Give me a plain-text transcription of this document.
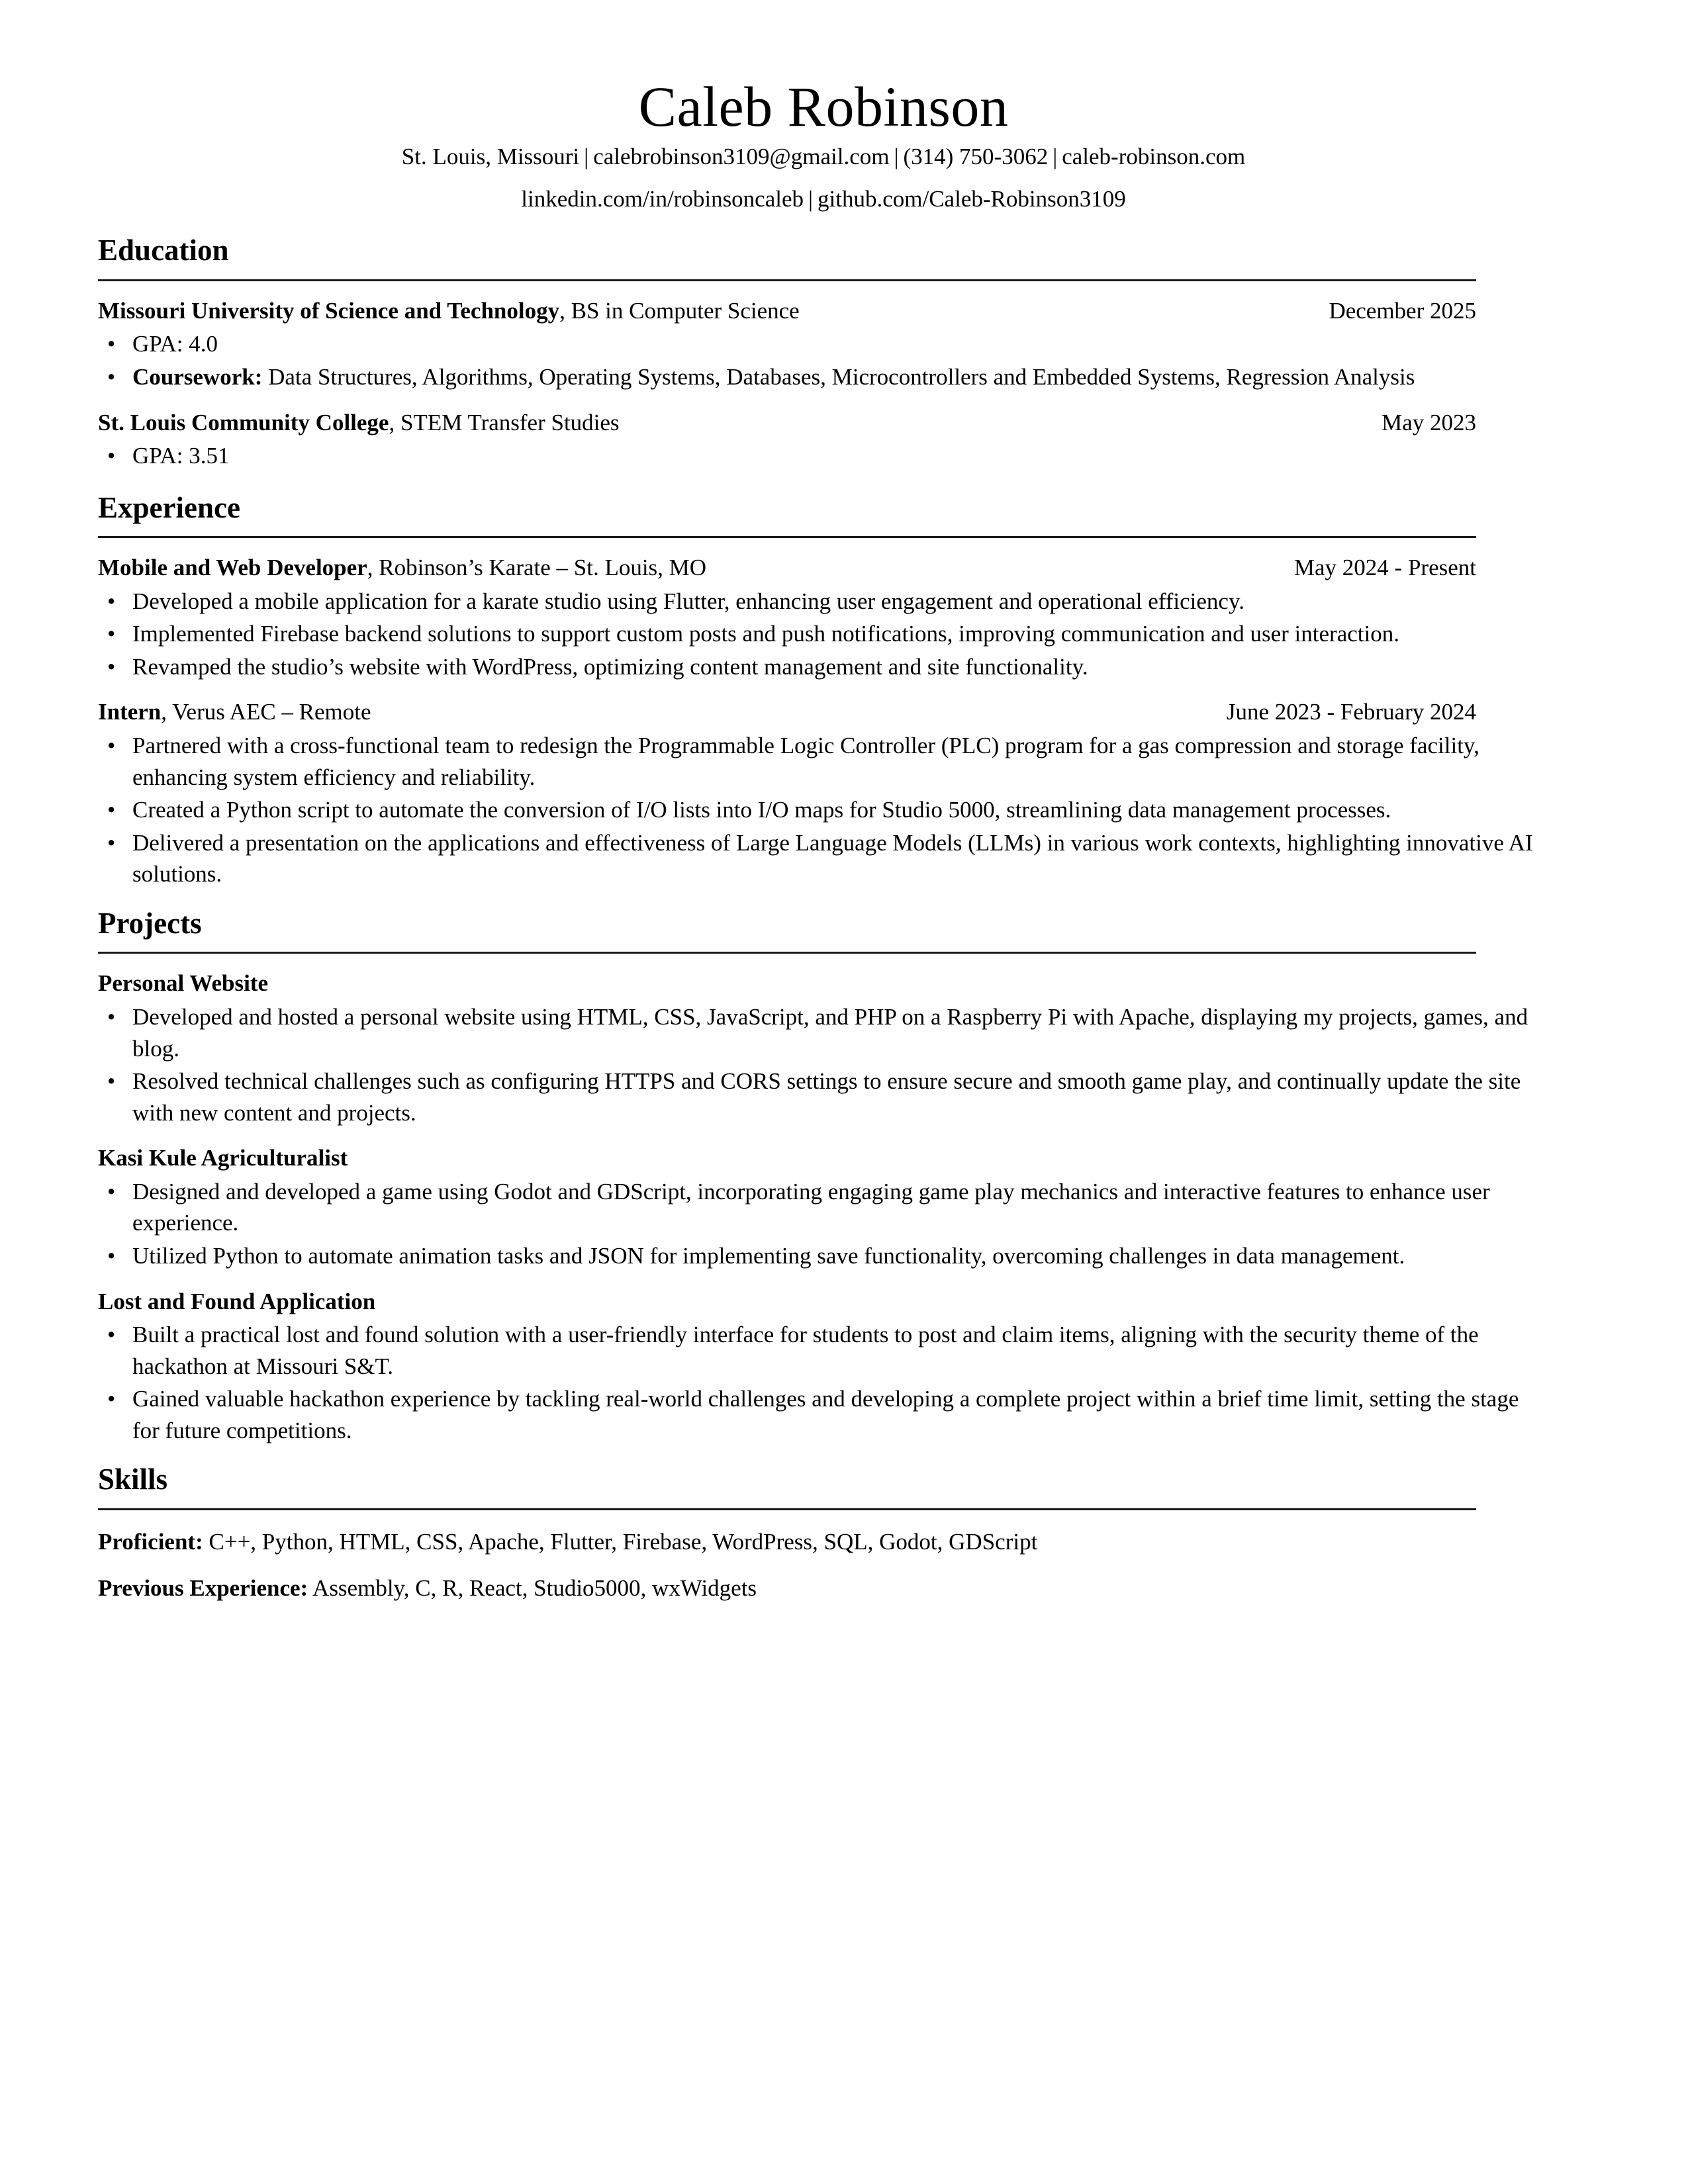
Caleb Robinson
St. Louis, Missouri | calebrobinson3109@gmail.com | (314) 750-3062 | caleb-robinson.com
linkedin.com/in/robinsoncaleb | github.com/Caleb-Robinson3109
Education
Missouri University of Science and Technology, BS in Computer Science	December 2025
• GPA: 4.0
• Coursework: Data Structures, Algorithms, Operating Systems, Databases, Microcontrollers and Embedded Systems, Regression Analysis
St. Louis Community College, STEM Transfer Studies	May 2023
• GPA: 3.51
Experience
Mobile and Web Developer, Robinson’s Karate – St. Louis, MO	May 2024 - Present
• Developed a mobile application for a karate studio using Flutter, enhancing user engagement and operational efficiency.
• Implemented Firebase backend solutions to support custom posts and push notifications, improving communication and user interaction.
• Revamped the studio’s website with WordPress, optimizing content management and site functionality.
Intern, Verus AEC – Remote	June 2023 - February 2024
• Partnered with a cross-functional team to redesign the Programmable Logic Controller (PLC) program for a gas compression and storage facility, enhancing system efficiency and reliability.
• Created a Python script to automate the conversion of I/O lists into I/O maps for Studio 5000, streamlining data management processes.
• Delivered a presentation on the applications and effectiveness of Large Language Models (LLMs) in various work contexts, highlighting innovative AI solutions.
Projects
Personal Website
• Developed and hosted a personal website using HTML, CSS, JavaScript, and PHP on a Raspberry Pi with Apache, displaying my projects, games, and blog.
• Resolved technical challenges such as configuring HTTPS and CORS settings to ensure secure and smooth game play, and continually update the site with new content and projects.
Kasi Kule Agriculturalist
• Designed and developed a game using Godot and GDScript, incorporating engaging game play mechanics and interactive features to enhance user experience.
• Utilized Python to automate animation tasks and JSON for implementing save functionality, overcoming challenges in data management.
Lost and Found Application
• Built a practical lost and found solution with a user-friendly interface for students to post and claim items, aligning with the security theme of the hackathon at Missouri S&T.
• Gained valuable hackathon experience by tackling real-world challenges and developing a complete project within a brief time limit, setting the stage for future competitions.
Skills
Proficient: C++, Python, HTML, CSS, Apache, Flutter, Firebase, WordPress, SQL, Godot, GDScript
Previous Experience: Assembly, C, R, React, Studio5000, wxWidgets
